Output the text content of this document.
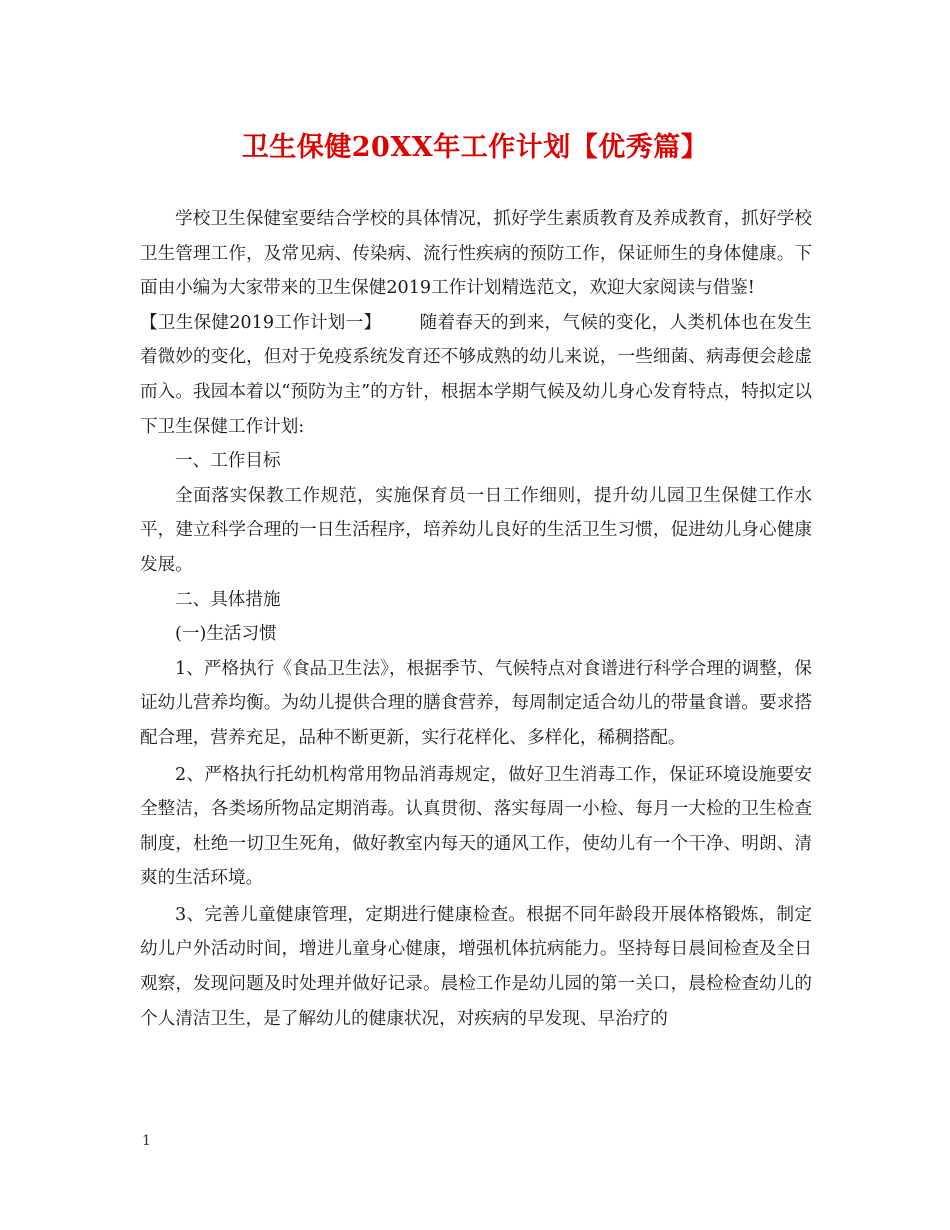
卫生保健20XX年工作计划【优秀篇】

学校卫生保健室要结合学校的具体情况，抓好学生素质教育及养成教育，抓好学校卫生管理工作，及常见病、传染病、流行性疾病的预防工作，保证师生的身体健康。下面由小编为大家带来的卫生保健2019工作计划精选范文，欢迎大家阅读与借鉴!

【卫生保健2019工作计划一】 随着春天的到来，气候的变化，人类机体也在发生着微妙的变化，但对于免疫系统发育还不够成熟的幼儿来说，一些细菌、病毒便会趁虚而入。我园本着以“预防为主”的方针，根据本学期气候及幼儿身心发育特点，特拟定以下卫生保健工作计划:

一、工作目标

全面落实保教工作规范，实施保育员一日工作细则，提升幼儿园卫生保健工作水平，建立科学合理的一日生活程序，培养幼儿良好的生活卫生习惯，促进幼儿身心健康发展。

二、具体措施

(一)生活习惯

1、严格执行《食品卫生法》，根据季节、气候特点对食谱进行科学合理的调整，保证幼儿营养均衡。为幼儿提供合理的膳食营养，每周制定适合幼儿的带量食谱。要求搭配合理，营养充足，品种不断更新，实行花样化、多样化，稀稠搭配。

2、严格执行托幼机构常用物品消毒规定，做好卫生消毒工作，保证环境设施要安全整洁，各类场所物品定期消毒。认真贯彻、落实每周一小检、每月一大检的卫生检查制度，杜绝一切卫生死角，做好教室内每天的通风工作，使幼儿有一个干净、明朗、清爽的生活环境。

3、完善儿童健康管理，定期进行健康检查。根据不同年龄段开展体格锻炼，制定幼儿户外活动时间，增进儿童身心健康，增强机体抗病能力。坚持每日晨间检查及全日观察，发现问题及时处理并做好记录。晨检工作是幼儿园的第一关口，晨检检查幼儿的个人清洁卫生，是了解幼儿的健康状况，对疾病的早发现、早治疗的

1
